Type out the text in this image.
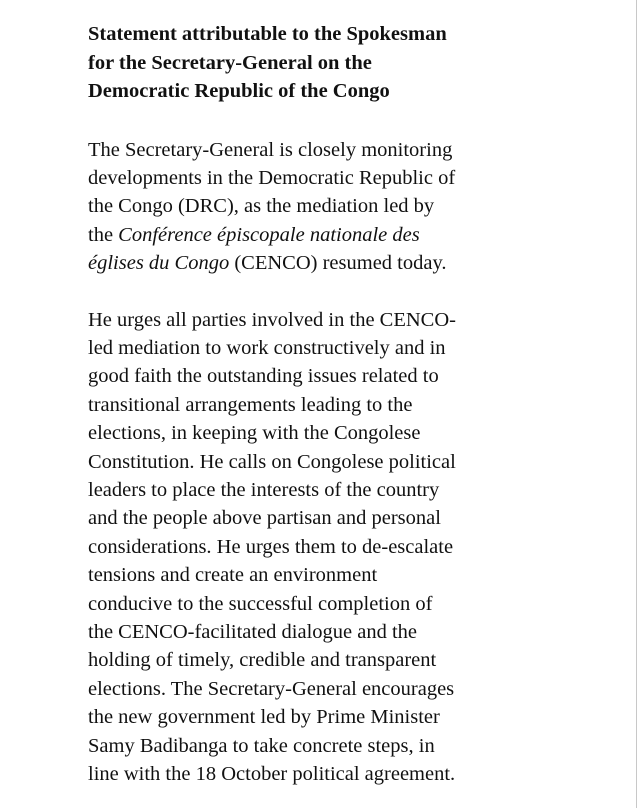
Statement attributable to the Spokesman
for the Secretary-General on the
Democratic Republic of the Congo

The Secretary-General is closely monitoring
developments in the Democratic Republic of
the Congo (DRC), as the mediation led by
the Conférence épiscopale nationale des
églises du Congo (CENCO) resumed today.

He urges all parties involved in the CENCO-
led mediation to work constructively and in
good faith the outstanding issues related to
transitional arrangements leading to the
elections, in keeping with the Congolese
Constitution. He calls on Congolese political
leaders to place the interests of the country
and the people above partisan and personal
considerations. He urges them to de-escalate
tensions and create an environment
conducive to the successful completion of
the CENCO-facilitated dialogue and the
holding of timely, credible and transparent
elections. The Secretary-General encourages
the new government led by Prime Minister
Samy Badibanga to take concrete steps, in
line with the 18 October political agreement.
